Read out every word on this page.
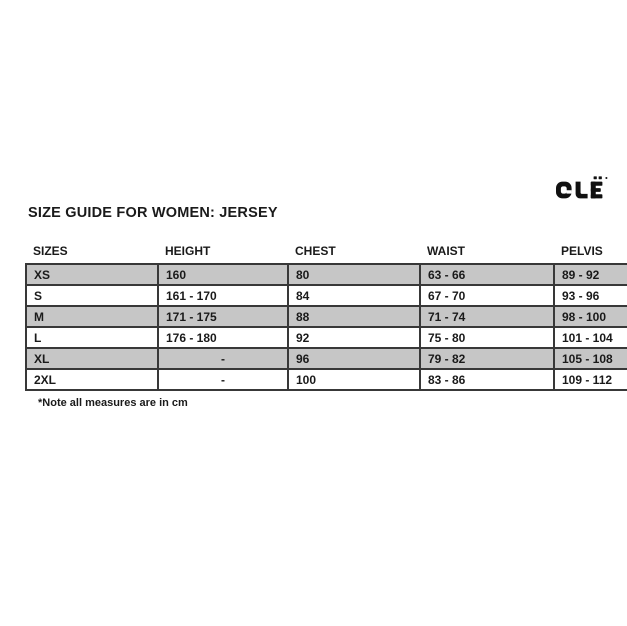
SIZE GUIDE FOR WOMEN: JERSEY
SIZES	HEIGHT	CHEST	WAIST	PELVIS
XS	160	80	63 - 66	89 - 92
S	161 - 170	84	67 - 70	93 - 96
M	171 - 175	88	71 - 74	98 - 100
L	176 - 180	92	75 - 80	101 - 104
XL	-	96	79 - 82	105 - 108
2XL	-	100	83 - 86	109 - 112
*Note all measures are in cm
